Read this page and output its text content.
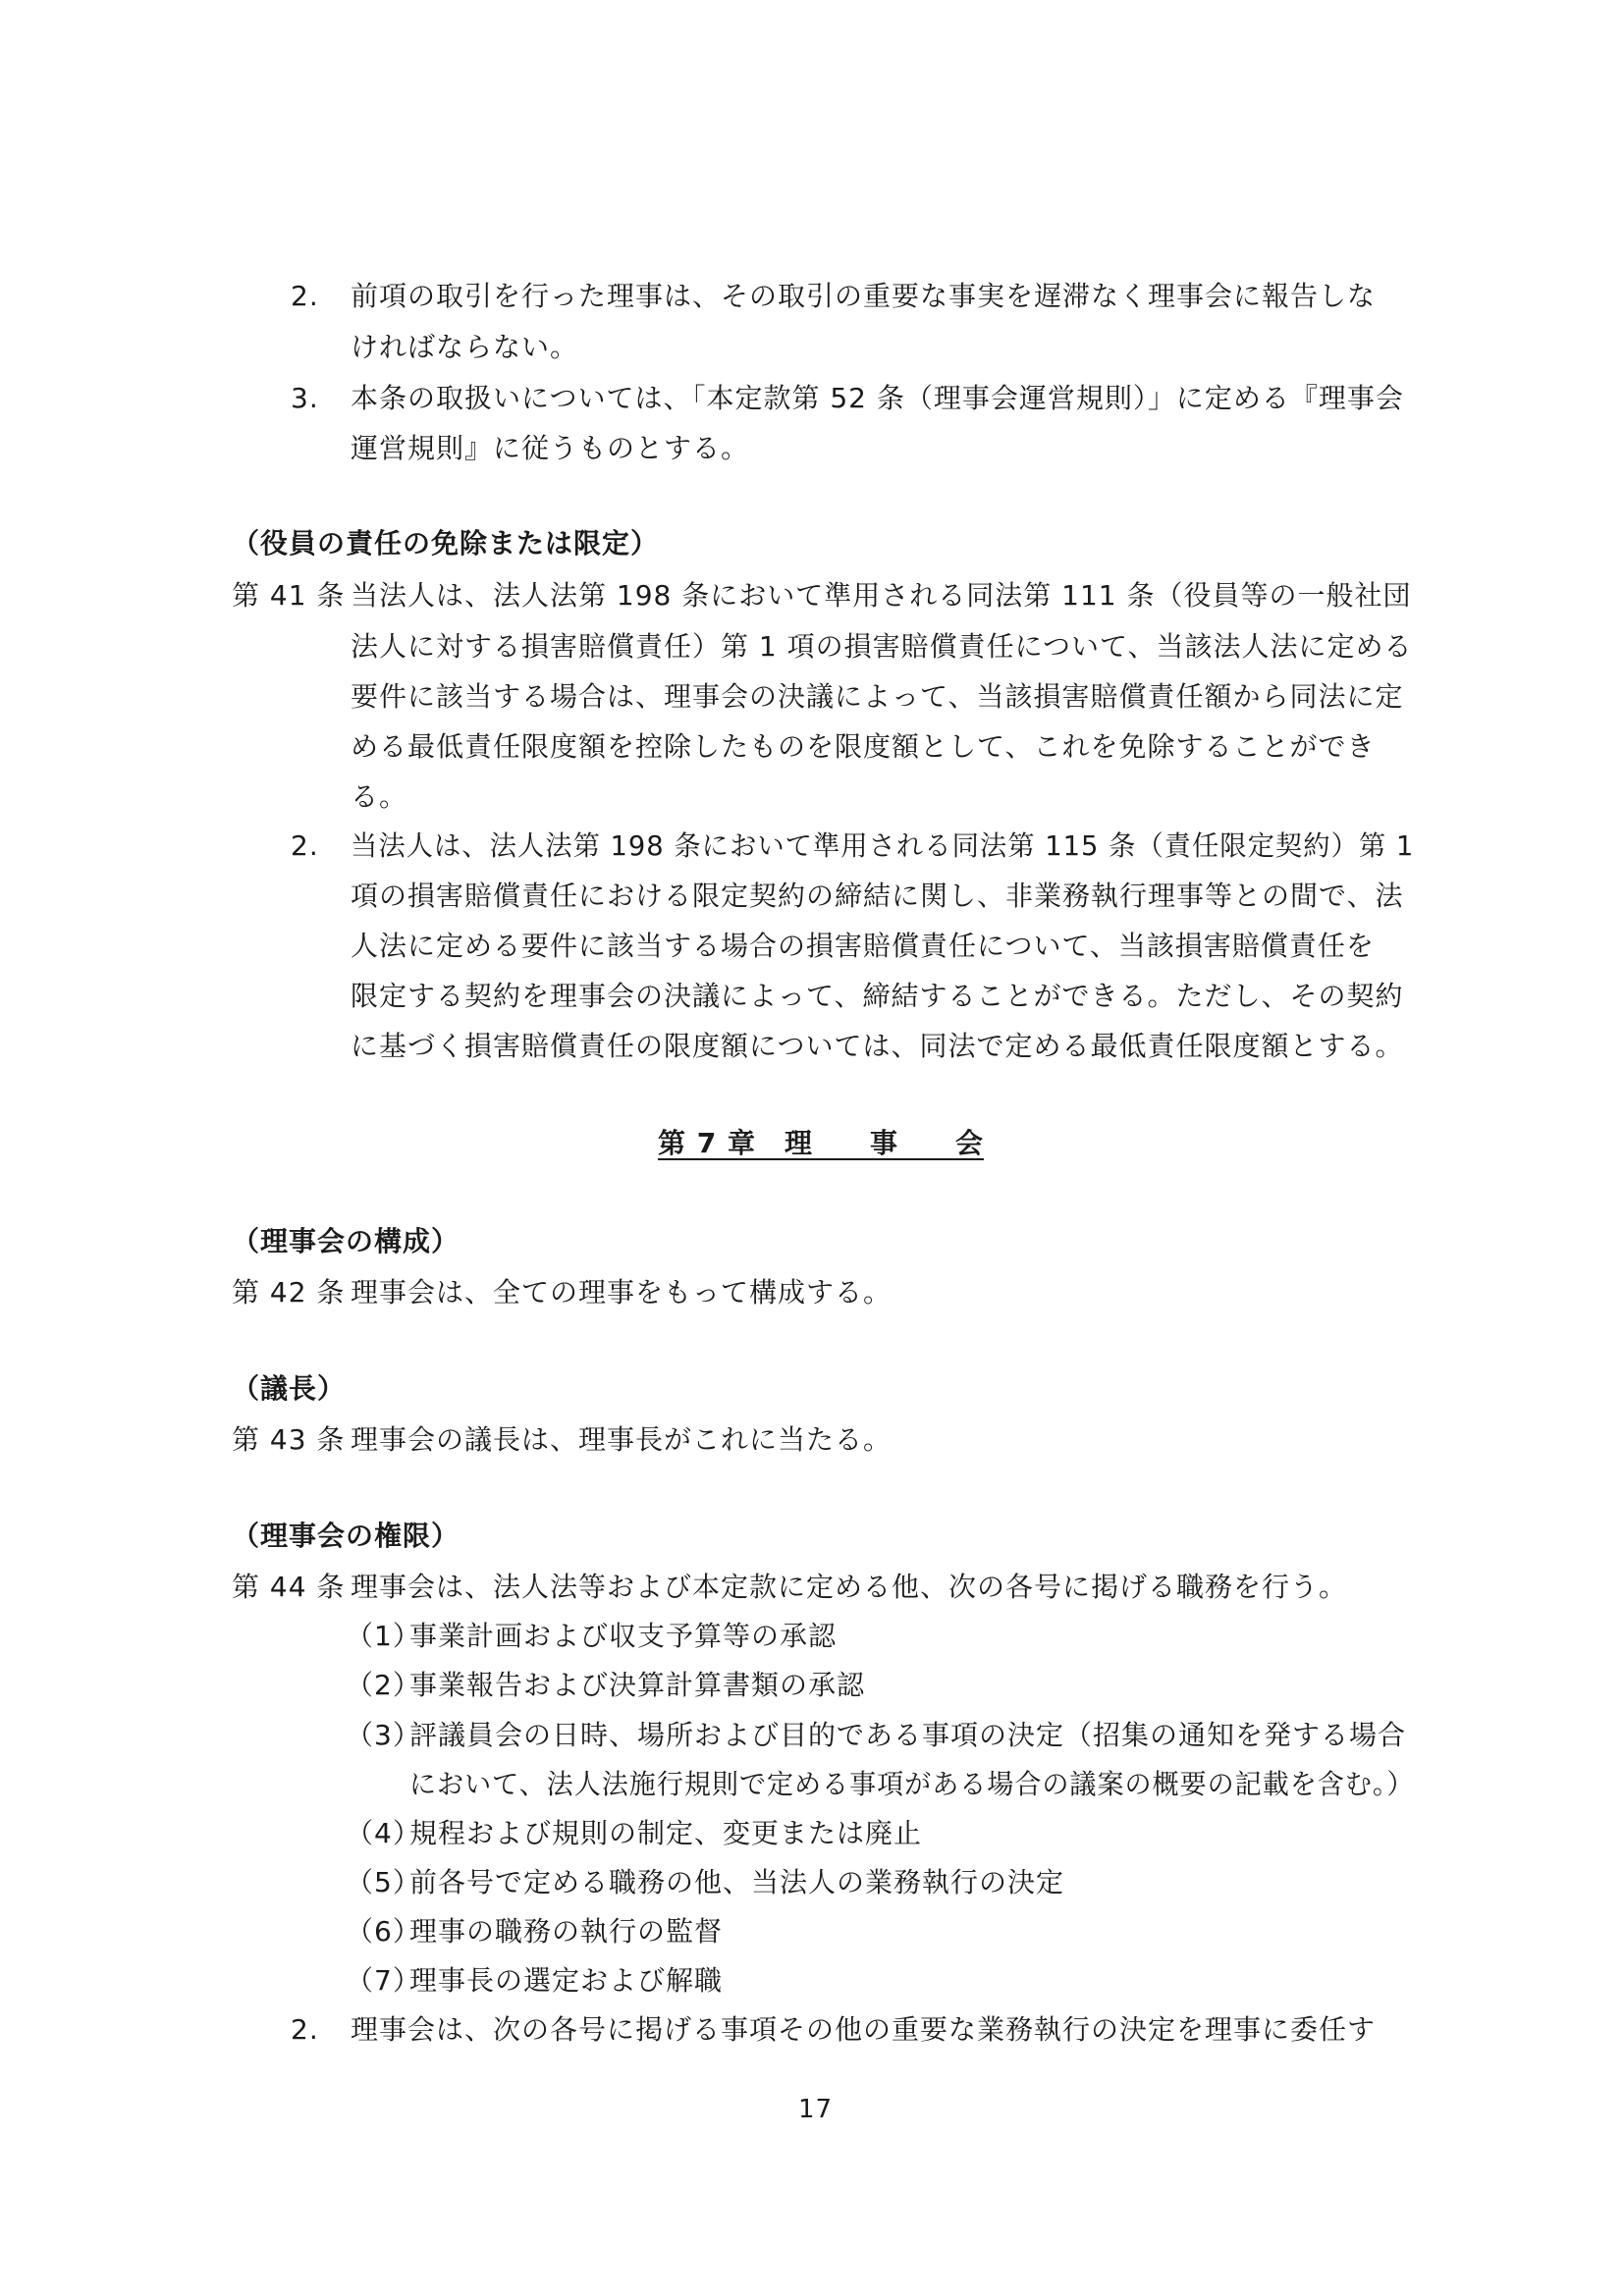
2. 前項の取引を行った理事は、その取引の重要な事実を遅滞なく理事会に報告しな
ければならない。
3. 本条の取扱いについては、「本定款第 52 条（理事会運営規則）」に定める『理事会
運営規則』に従うものとする。
（役員の責任の免除または限定）
第 41 条 当法人は、法人法第 198 条において準用される同法第 111 条（役員等の一般社団
法人に対する損害賠償責任）第 1 項の損害賠償責任について、当該法人法に定める
要件に該当する場合は、理事会の決議によって、当該損害賠償責任額から同法に定
める最低責任限度額を控除したものを限度額として、これを免除することができ
る。
2. 当法人は、法人法第 198 条において準用される同法第 115 条（責任限定契約）第 1
項の損害賠償責任における限定契約の締結に関し、非業務執行理事等との間で、法
人法に定める要件に該当する場合の損害賠償責任について、当該損害賠償責任を
限定する契約を理事会の決議によって、締結することができる。ただし、その契約
に基づく損害賠償責任の限度額については、同法で定める最低責任限度額とする。
第 7 章　理　　事　　会
（理事会の構成）
第 42 条 理事会は、全ての理事をもって構成する。
（議長）
第 43 条 理事会の議長は、理事長がこれに当たる。
（理事会の権限）
第 44 条 理事会は、法人法等および本定款に定める他、次の各号に掲げる職務を行う。
（1）
事業計画および収支予算等の承認
（2）
事業報告および決算計算書類の承認
（3）
評議員会の日時、場所および目的である事項の決定（招集の通知を発する場合
において、法人法施行規則で定める事項がある場合の議案の概要の記載を含む。）
（4）
規程および規則の制定、変更または廃止
（5）
前各号で定める職務の他、当法人の業務執行の決定
（6）
理事の職務の執行の監督
（7）
理事長の選定および解職
2. 理事会は、次の各号に掲げる事項その他の重要な業務執行の決定を理事に委任す
17
